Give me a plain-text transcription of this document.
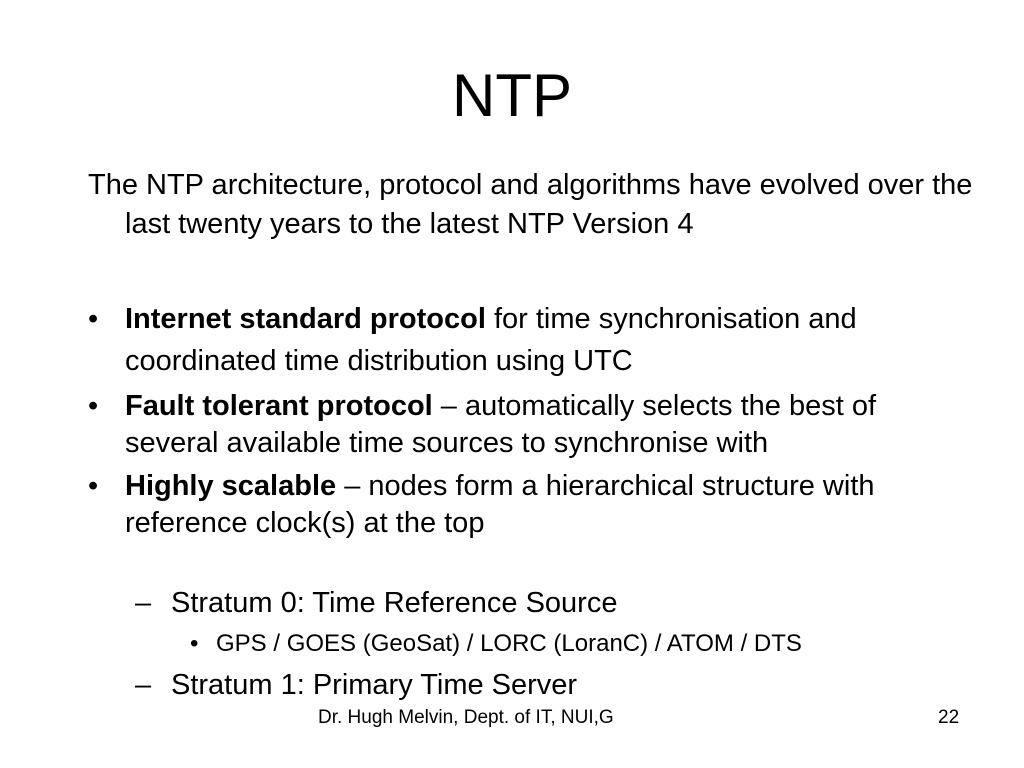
NTP
The NTP architecture, protocol and algorithms have evolved over the last twenty years to the latest NTP Version 4
• Internet standard protocol for time synchronisation and coordinated time distribution using UTC
• Fault tolerant protocol – automatically selects the best of several available time sources to synchronise with
• Highly scalable – nodes form a hierarchical structure with reference clock(s) at the top
– Stratum 0: Time Reference Source
• GPS / GOES (GeoSat) / LORC (LoranC) / ATOM / DTS
– Stratum 1: Primary Time Server
Dr. Hugh Melvin, Dept. of IT, NUI,G	22
